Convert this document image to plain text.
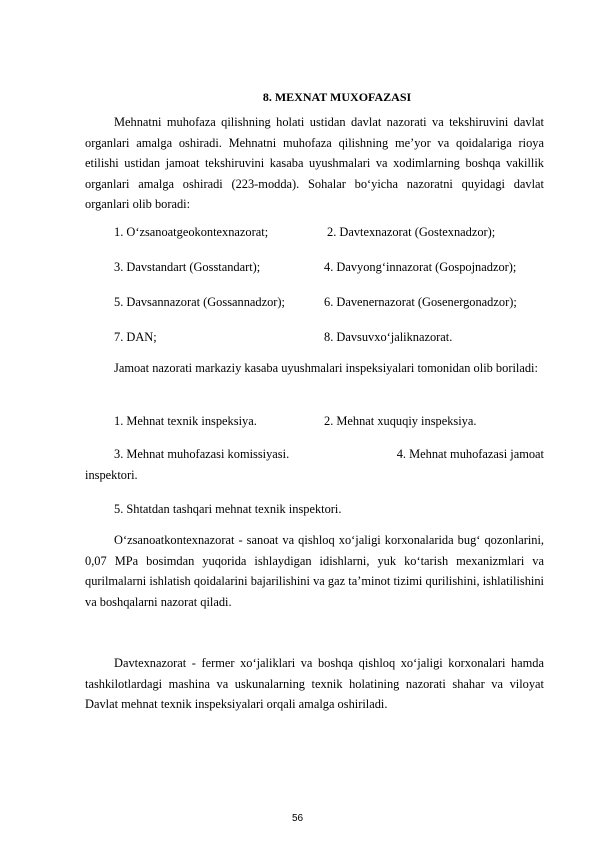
8. MEXNAT MUXOFAZASI

Mehnatni muhofaza qilishning holati ustidan davlat nazorati va tekshiruvini davlat organlari amalga oshiradi. Mehnatni muhofaza qilishning me’yor va qoidalariga rioya etilishi ustidan jamoat tekshiruvini kasaba uyushmalari va xodimlarning boshqa vakillik organlari amalga oshiradi (223-modda). Sohalar bo‘yicha nazoratni quyidagi davlat organlari olib boradi:

1. O‘zsanoatgeokontexnazorat;	2. Davtexnazorat (Gostexnadzor);
3. Davstandart (Gosstandart);	4. Davyong‘innazorat (Gospojnadzor);
5. Davsannazorat (Gossannadzor);	6. Davenernazorat (Gosenergonadzor);
7. DAN;	8. Davsuvxo‘jaliknazorat.

Jamoat nazorati markaziy kasaba uyushmalari inspeksiyalari tomonidan olib boriladi:

1. Mehnat texnik inspeksiya.	2. Mehnat xuquqiy inspeksiya.
3. Mehnat muhofazasi komissiyasi.	4. Mehnat muhofazasi jamoat
inspektori.
5. Shtatdan tashqari mehnat texnik inspektori.

O‘zsanoatkontexnazorat - sanoat va qishloq xo‘jaligi korxonalarida bug‘ qozonlarini, 0,07 MPa bosimdan yuqorida ishlaydigan idishlarni, yuk ko‘tarish mexanizmlari va qurilmalarni ishlatish qoidalarini bajarilishini va gaz ta’minot tizimi qurilishini, ishlatilishini va boshqalarni nazorat qiladi.

Davtexnazorat - fermer xo‘jaliklari va boshqa qishloq xo‘jaligi korxonalari hamda tashkilotlardagi mashina va uskunalarning texnik holatining nazorati shahar va viloyat Davlat mehnat texnik inspeksiyalari orqali amalga oshiriladi.

56
